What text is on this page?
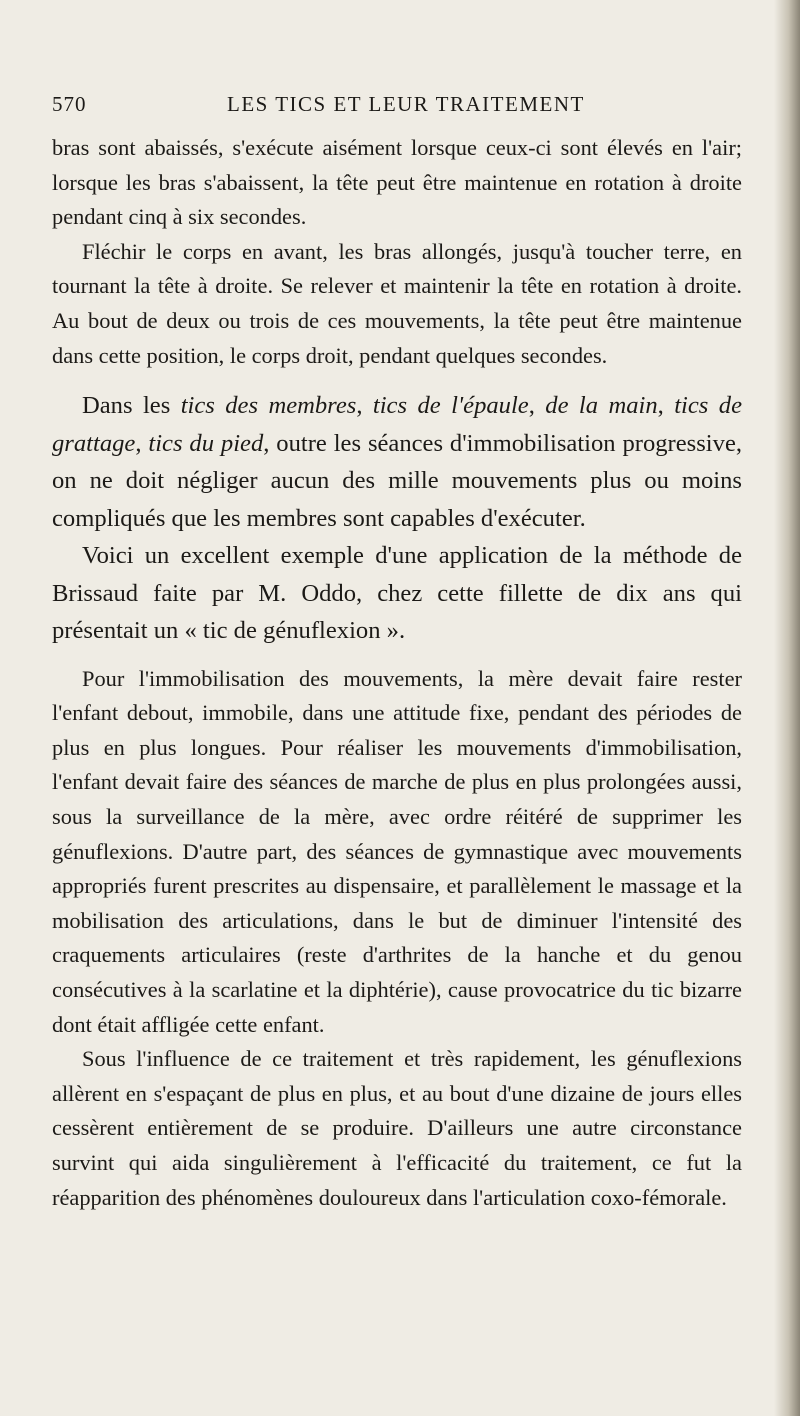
570	LES TICS ET LEUR TRAITEMENT

bras sont abaissés, s'exécute aisément lorsque ceux-ci sont élevés en l'air; lorsque les bras s'abaissent, la tête peut être maintenue en rotation à droite pendant cinq à six secondes.

Fléchir le corps en avant, les bras allongés, jusqu'à toucher terre, en tournant la tête à droite. Se relever et maintenir la tête en rotation à droite. Au bout de deux ou trois de ces mouvements, la tête peut être maintenue dans cette position, le corps droit, pendant quelques secondes.

Dans les tics des membres, tics de l'épaule, de la main, tics de grattage, tics du pied, outre les séances d'immobilisation progressive, on ne doit négliger aucun des mille mouvements plus ou moins compliqués que les membres sont capables d'exécuter.

Voici un excellent exemple d'une application de la méthode de Brissaud faite par M. Oddo, chez cette fillette de dix ans qui présentait un « tic de génuflexion ».

Pour l'immobilisation des mouvements, la mère devait faire rester l'enfant debout, immobile, dans une attitude fixe, pendant des périodes de plus en plus longues. Pour réaliser les mouvements d'immobilisation, l'enfant devait faire des séances de marche de plus en plus prolongées aussi, sous la surveillance de la mère, avec ordre réitéré de supprimer les génuflexions. D'autre part, des séances de gymnastique avec mouvements appropriés furent prescrites au dispensaire, et parallèlement le massage et la mobilisation des articulations, dans le but de diminuer l'intensité des craquements articulaires (reste d'arthrites de la hanche et du genou consécutives à la scarlatine et la diphtérie), cause provocatrice du tic bizarre dont était affligée cette enfant.

Sous l'influence de ce traitement et très rapidement, les génuflexions allèrent en s'espaçant de plus en plus, et au bout d'une dizaine de jours elles cessèrent entièrement de se produire. D'ailleurs une autre circonstance survint qui aida singulièrement à l'efficacité du traitement, ce fut la réapparition des phénomènes douloureux dans l'articulation coxo-fémorale.
